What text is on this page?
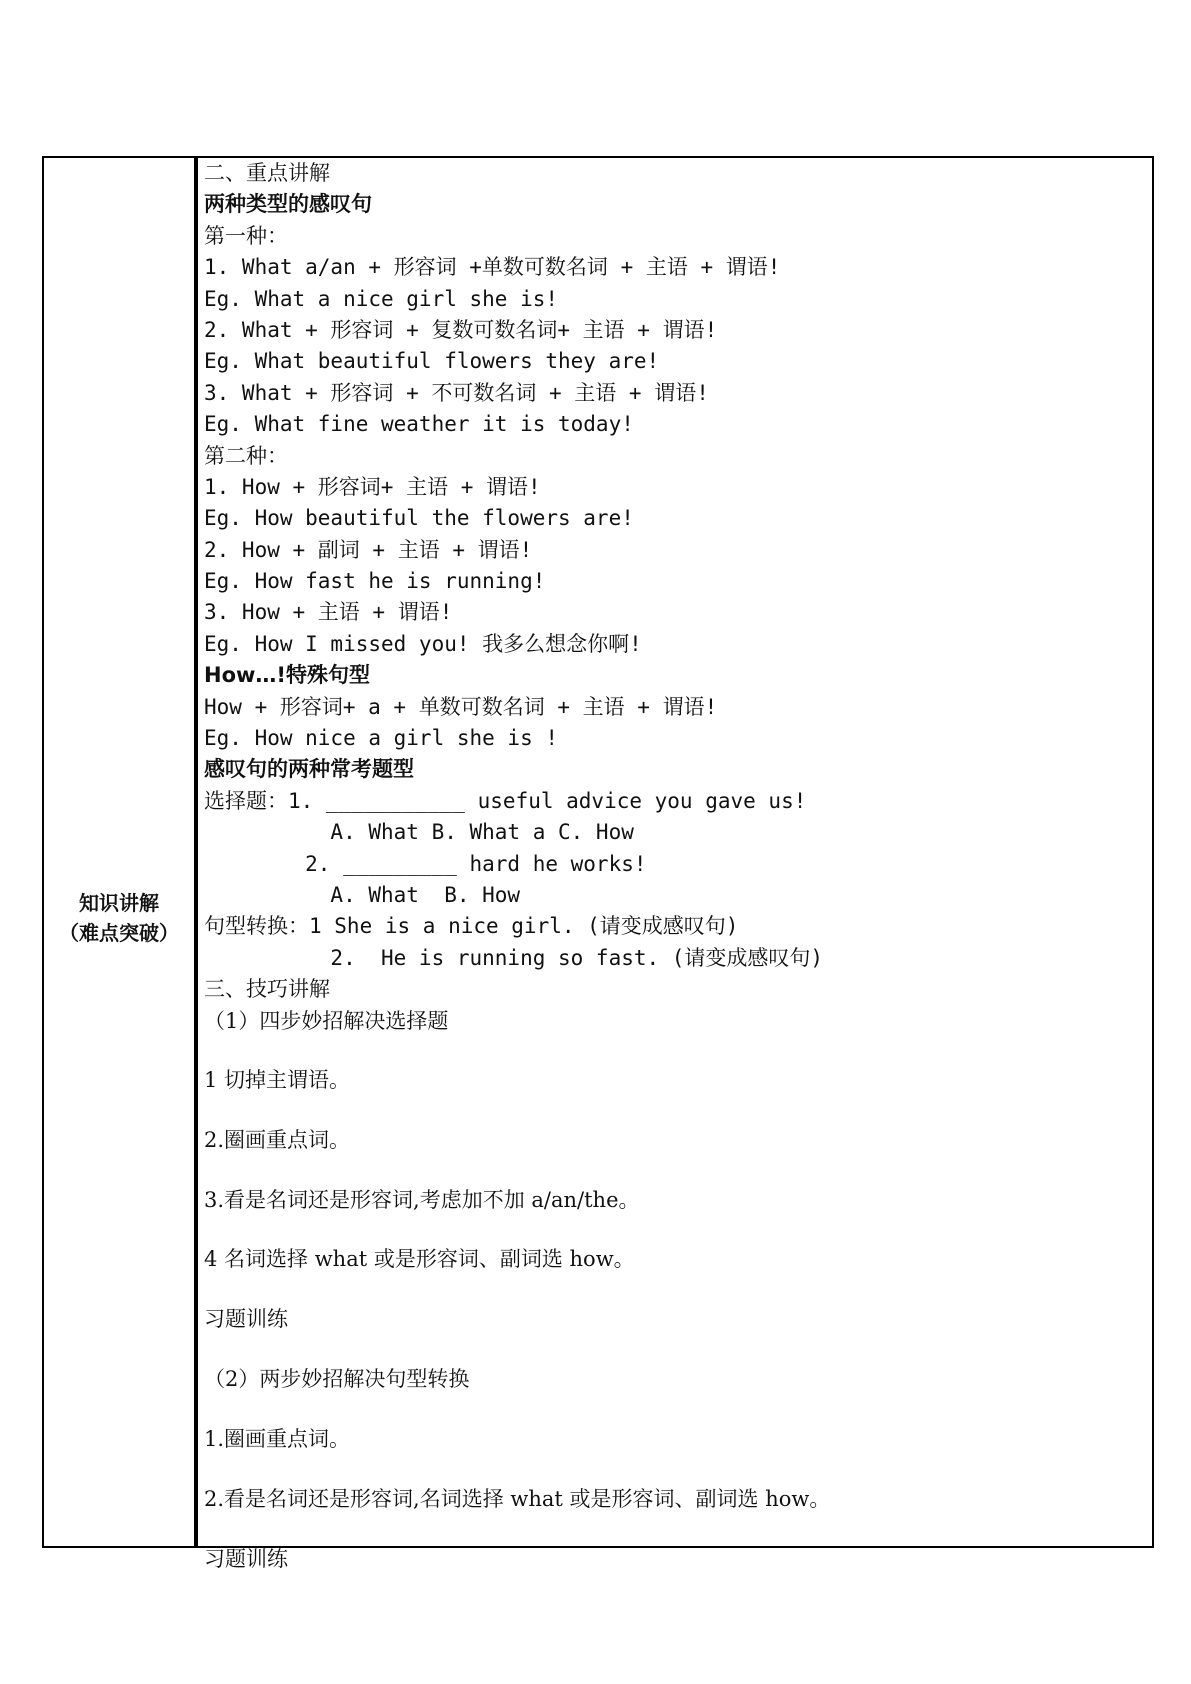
知识讲解
（难点突破）
二、重点讲解
两种类型的感叹句
第一种：
1. What a/an + 形容词 +单数可数名词 + 主语 + 谓语!
Eg. What a nice girl she is!
2. What + 形容词 + 复数可数名词+ 主语 + 谓语!
Eg. What beautiful flowers they are!
3. What + 形容词 + 不可数名词 + 主语 + 谓语!
Eg. What fine weather it is today!
第二种：
1. How + 形容词+ 主语 + 谓语!
Eg. How beautiful the flowers are!
2. How + 副词 + 主语 + 谓语!
Eg. How fast he is running!
3. How + 主语 + 谓语!
Eg. How I missed you! 我多么想念你啊!
How…!特殊句型
How + 形容词+ a + 单数可数名词 + 主语 + 谓语!
Eg. How nice a girl she is !
感叹句的两种常考题型
选择题：1. ___________ useful advice you gave us!
A. What B. What a C. How
2. _________ hard he works!
A. What  B. How
句型转换：1 She is a nice girl. (请变成感叹句)
2.  He is running so fast. (请变成感叹句)
三、技巧讲解
（1）四步妙招解决选择题
1 切掉主谓语。
2.圈画重点词。
3.看是名词还是形容词,考虑加不加 a/an/the。
4 名词选择 what 或是形容词、副词选 how。
习题训练
（2）两步妙招解决句型转换
1.圈画重点词。
2.看是名词还是形容词,名词选择 what 或是形容词、副词选 how。
习题训练
